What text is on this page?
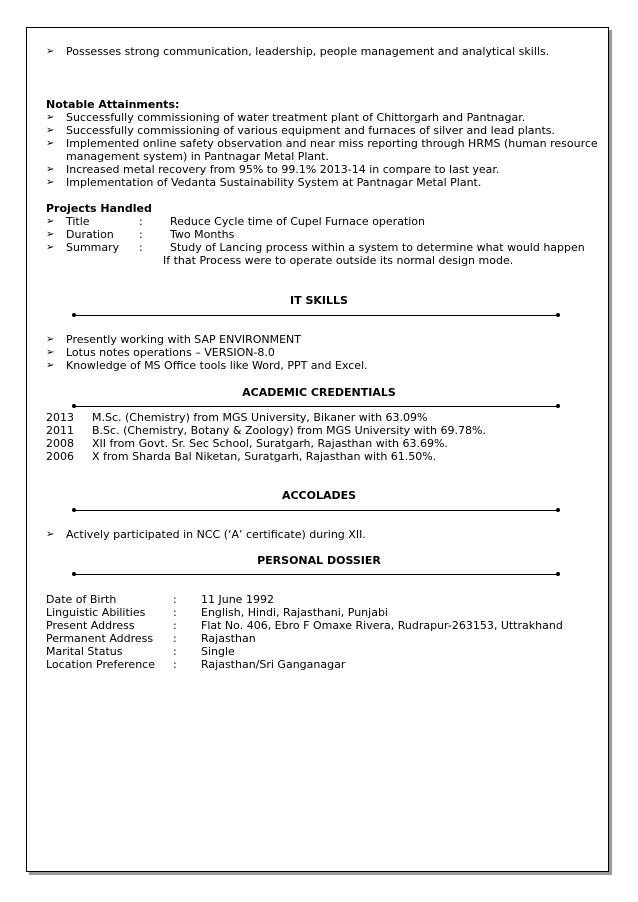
➢	Possesses strong communication, leadership, people management and analytical skills.
Notable Attainments:
➢	Successfully commissioning of water treatment plant of Chittorgarh and Pantnagar.
➢	Successfully commissioning of various equipment and furnaces of silver and lead plants.
➢	Implemented online safety observation and near miss reporting through HRMS (human resource
management system) in Pantnagar Metal Plant.
➢	Increased metal recovery from 95% to 99.1% 2013-14 in compare to last year.
➢	Implementation of Vedanta Sustainability System at Pantnagar Metal Plant.
Projects Handled
➢	Title	: Reduce Cycle time of Cupel Furnace operation
➢	Duration : Two Months
➢	Summary : Study of Lancing process within a system to determine what would happen
If that Process were to operate outside its normal design mode.
IT SKILLS
➢	Presently working with SAP ENVIRONMENT
➢	Lotus notes operations – VERSION-8.0
➢	Knowledge of MS Office tools like Word, PPT and Excel.
ACADEMIC CREDENTIALS
2013 M.Sc. (Chemistry) from MGS University, Bikaner with 63.09%
2011 B.Sc. (Chemistry, Botany & Zoology) from MGS University with 69.78%.
2008 XII from Govt. Sr. Sec School, Suratgarh, Rajasthan with 63.69%.
2006 X from Sharda Bal Niketan, Suratgarh, Rajasthan with 61.50%.
ACCOLADES
➢	Actively participated in NCC (‘A’ certificate) during XII.
PERSONAL DOSSIER
Date of Birth	: 11 June 1992
Linguistic Abilities	: English, Hindi, Rajasthani, Punjabi
Present Address	: Flat No. 406, Ebro F Omaxe Rivera, Rudrapur-263153, Uttrakhand
Permanent Address : Rajasthan
Marital Status	: Single
Location Preference : Rajasthan/Sri Ganganagar
